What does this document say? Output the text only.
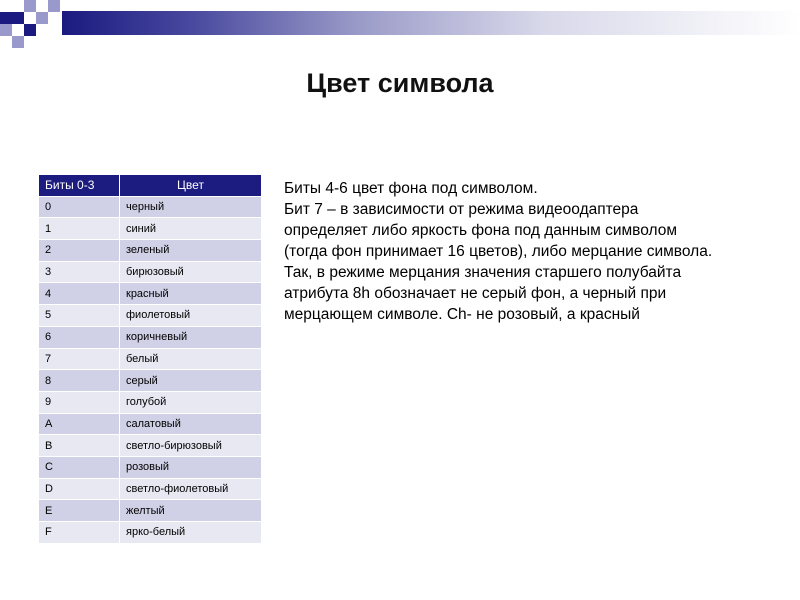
Цвет символа
Биты 0-3	Цвет
0	черный
1	синий
2	зеленый
3	бирюзовый
4	красный
5	фиолетовый
6	коричневый
7	белый
8	серый
9	голубой
A	салатовый
B	светло-бирюзовый
C	розовый
D	светло-фиолетовый
E	желтый
F	ярко-белый

Биты 4-6 цвет фона под символом.

Бит 7 – в зависимости от режима видеоодаптера

определяет либо яркость фона под данным символом

(тогда фон принимает 16 цветов), либо мерцание символа.

Так, в режиме мерцания значения старшего полубайта

атрибута 8h обозначает не серый фон, а черный при

мерцающем символе. Ch- не розовый, а красный
